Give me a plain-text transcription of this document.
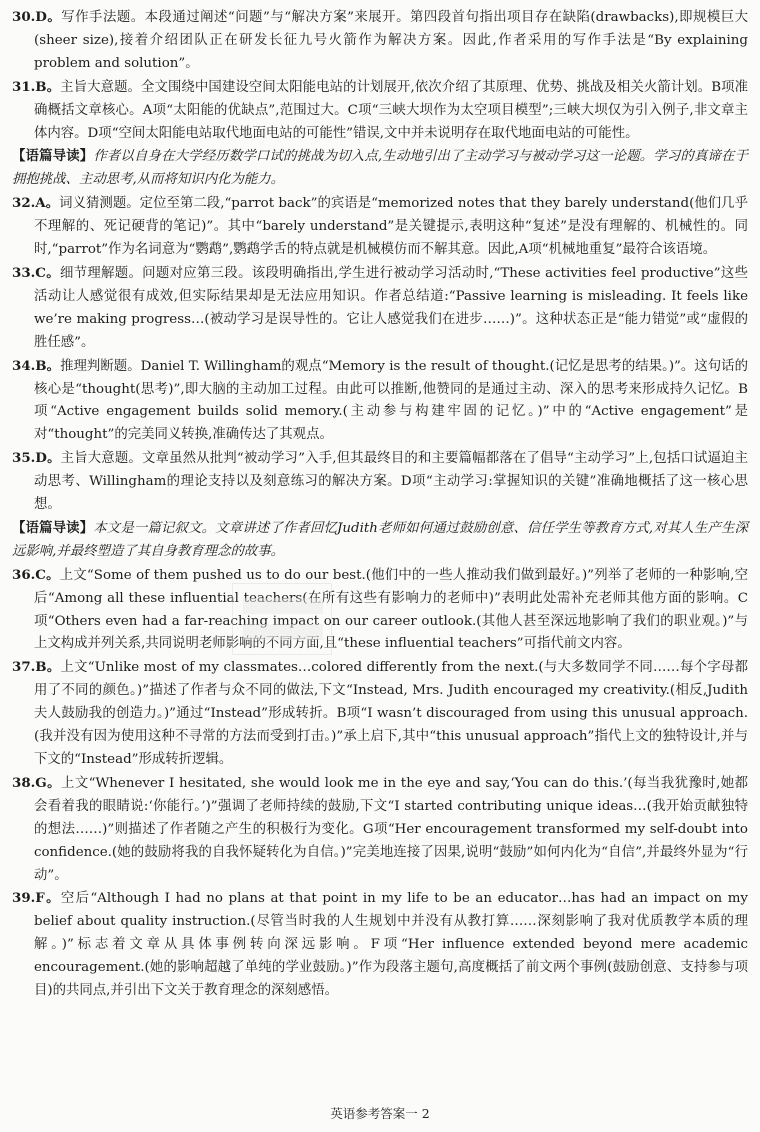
30.D。写作手法题。本段通过阐述“问题”与“解决方案”来展开。第四段首句指出项目存在缺陷(drawbacks),即规模巨大(sheer size),接着介绍团队正在研发长征九号火箭作为解决方案。因此,作者采用的写作手法是“By explaining problem and solution”。

31.B。主旨大意题。全文围绕中国建设空间太阳能电站的计划展开,依次介绍了其原理、优势、挑战及相关火箭计划。B项准确概括文章核心。A项“太阳能的优缺点”,范围过大。C项“三峡大坝作为太空项目模型”;三峡大坝仅为引入例子,非文章主体内容。D项“空间太阳能电站取代地面电站的可能性”错误,文中并未说明存在取代地面电站的可能性。

【语篇导读】作者以自身在大学经历数学口试的挑战为切入点,生动地引出了主动学习与被动学习这一论题。学习的真谛在于拥抱挑战、主动思考,从而将知识内化为能力。

32.A。词义猜测题。定位至第二段,“parrot back”的宾语是“memorized notes that they barely understand(他们几乎不理解的、死记硬背的笔记)”。其中“barely understand”是关键提示,表明这种“复述”是没有理解的、机械性的。同时,“parrot”作为名词意为“鹦鹉”,鹦鹉学舌的特点就是机械模仿而不解其意。因此,A项“机械地重复”最符合该语境。

33.C。细节理解题。问题对应第三段。该段明确指出,学生进行被动学习活动时,“These activities feel productive”这些活动让人感觉很有成效,但实际结果却是无法应用知识。作者总结道:“Passive learning is misleading. It feels like we’re making progress…(被动学习是误导性的。它让人感觉我们在进步……)”。这种状态正是“能力错觉”或“虚假的胜任感”。

34.B。推理判断题。Daniel T. Willingham的观点“Memory is the result of thought.(记忆是思考的结果。)”。这句话的核心是“thought(思考)”,即大脑的主动加工过程。由此可以推断,他赞同的是通过主动、深入的思考来形成持久记忆。B项“Active engagement builds solid memory.(主动参与构建牢固的记忆。)”中的“Active engagement”是对“thought”的完美同义转换,准确传达了其观点。

35.D。主旨大意题。文章虽然从批判“被动学习”入手,但其最终目的和主要篇幅都落在了倡导“主动学习”上,包括口试逼迫主动思考、Willingham的理论支持以及刻意练习的解决方案。D项“主动学习:掌握知识的关键”准确地概括了这一核心思想。

【语篇导读】本文是一篇记叙文。文章讲述了作者回忆Judith老师如何通过鼓励创意、信任学生等教育方式,对其人生产生深远影响,并最终塑造了其自身教育理念的故事。

36.C。上文“Some of them pushed us to do our best.(他们中的一些人推动我们做到最好。)”列举了老师的一种影响,空后“Among all these influential teachers(在所有这些有影响力的老师中)”表明此处需补充老师其他方面的影响。C项“Others even had a far-reaching impact on our career outlook.(其他人甚至深远地影响了我们的职业观。)”与上文构成并列关系,共同说明老师影响的不同方面,且“these influential teachers”可指代前文内容。

37.B。上文“Unlike most of my classmates…colored differently from the next.(与大多数同学不同……每个字母都用了不同的颜色。)”描述了作者与众不同的做法,下文“Instead, Mrs. Judith encouraged my creativity.(相反,Judith夫人鼓励我的创造力。)”通过“Instead”形成转折。B项“I wasn’t discouraged from using this unusual approach.(我并没有因为使用这种不寻常的方法而受到打击。)”承上启下,其中“this unusual approach”指代上文的独特设计,并与下文的“Instead”形成转折逻辑。

38.G。上文“Whenever I hesitated, she would look me in the eye and say,‘You can do this.’(每当我犹豫时,她都会看着我的眼睛说:‘你能行。’)”强调了老师持续的鼓励,下文“I started contributing unique ideas…(我开始贡献独特的想法……)”则描述了作者随之产生的积极行为变化。G项“Her encouragement transformed my self-doubt into confidence.(她的鼓励将我的自我怀疑转化为自信。)”完美地连接了因果,说明“鼓励”如何内化为“自信”,并最终外显为“行动”。

39.F。空后“Although I had no plans at that point in my life to be an educator…has had an impact on my belief about quality instruction.(尽管当时我的人生规划中并没有从教打算……深刻影响了我对优质教学本质的理解。)”标志着文章从具体事例转向深远影响。F项“Her influence extended beyond mere academic encouragement.(她的影响超越了单纯的学业鼓励。)”作为段落主题句,高度概括了前文两个事例(鼓励创意、支持参与项目)的共同点,并引出下文关于教育理念的深刻感悟。

英语参考答案一 2
